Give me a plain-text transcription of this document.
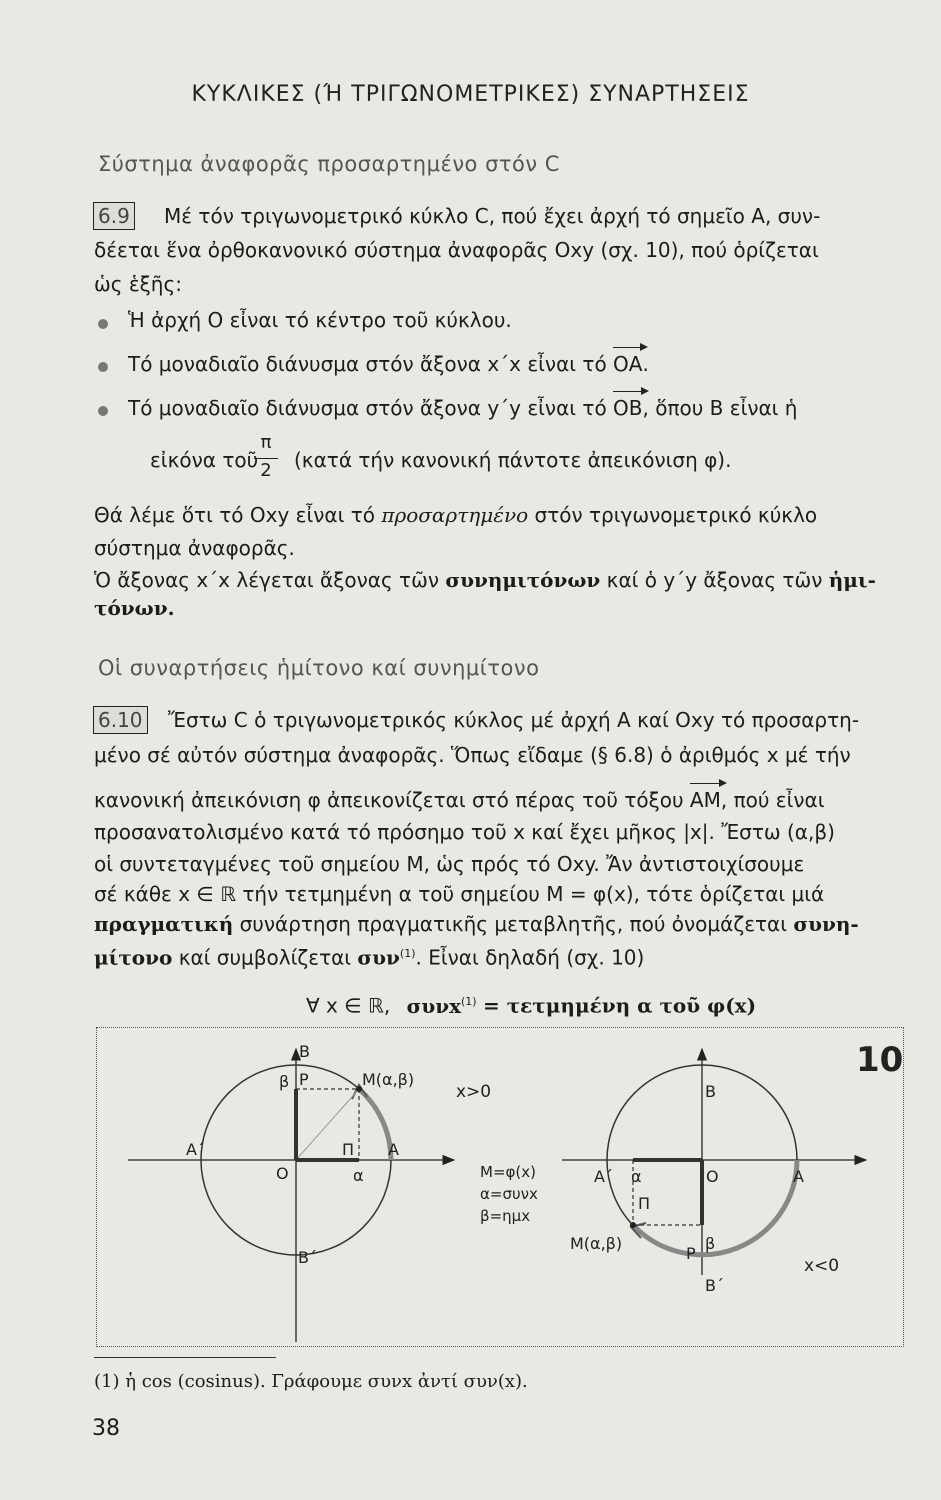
ΚΥΚΛΙΚΕΣ (Ή ΤΡΙΓΩΝΟΜΕΤΡΙΚΕΣ) ΣΥΝΑΡΤΗΣΕΙΣ
Σύστημα ἀναφορᾶς προσαρτημένο στόν C
6.9 Μέ τόν τριγωνομετρικό κύκλο C, πού ἔχει ἀρχή τό σημεῖο Α, συν-
δέεται ἕνα ὀρθοκανονικό σύστημα ἀναφορᾶς Oxy (σχ. 10), πού ὁρίζεται
ὡς ἑξῆς:
Ἡ ἀρχή Ο εἶναι τό κέντρο τοῦ κύκλου.
Τό μοναδιαῖο διάνυσμα στόν ἄξονα x΄x εἶναι τό ΟΑ.
Τό μοναδιαῖο διάνυσμα στόν ἄξονα y΄y εἶναι τό ΟΒ, ὅπου Β εἶναι ἡ
εἰκόνα τοῦ
π
2	(κατά τήν κανονική πάντοτε ἀπεικόνιση φ).
Θά λέμε ὅτι τό Oxy εἶναι τό προσαρτημένο στόν τριγωνομετρικό κύκλο
σύστημα ἀναφορᾶς.
Ὁ ἄξονας x΄x λέγεται ἄξονας τῶν συνημιτόνων καί ὁ y΄y ἄξονας τῶν ἡμι-
τόνων.
Οἱ συναρτήσεις ἡμίτονο καί συνημίτονο
6.10 Ἔστω C ὁ τριγωνομετρικός κύκλος μέ ἀρχή Α καί Oxy τό προσαρτη-
μένο σέ αὐτόν σύστημα ἀναφορᾶς. Ὅπως εἴδαμε (§ 6.8) ὁ ἀριθμός x μέ τήν
κανονική ἀπεικόνιση φ ἀπεικονίζεται στό πέρας τοῦ τόξου ΑΜ, πού εἶναι
προσανατολισμένο κατά τό πρόσημο τοῦ x καί ἔχει μῆκος |x|. Ἔστω (α,β)
οἱ συντεταγμένες τοῦ σημείου Μ, ὡς πρός τό Oxy. Ἄν ἀντιστοιχίσουμε
σέ κάθε x ∈ ℝ τήν τετμημένη α τοῦ σημείου Μ = φ(x), τότε ὁρίζεται μιά
πραγματική συνάρτηση πραγματικῆς μεταβλητῆς, πού ὀνομάζεται συνη-
μίτονο καί συμβολίζεται συν$^{(1)}$. Εἶναι δηλαδή (σχ. 10)
∀ x ∈ ℝ, συνx$^{(1)}$ = τετμημένη α τοῦ φ(x)
10
Β
β Ρ	Μ(α,β)
Α΄	Π Α
Ο	α
Β΄
x>0
Μ=φ(x)
α=συνx
β=ημx
Β
Α΄ α	Ο	Α
Π
Μ(α,β)
Ρ
β
Β΄
x<0
(1) ἡ cos (cosinus). Γράφουμε συνx ἀντί συν(x).
38
